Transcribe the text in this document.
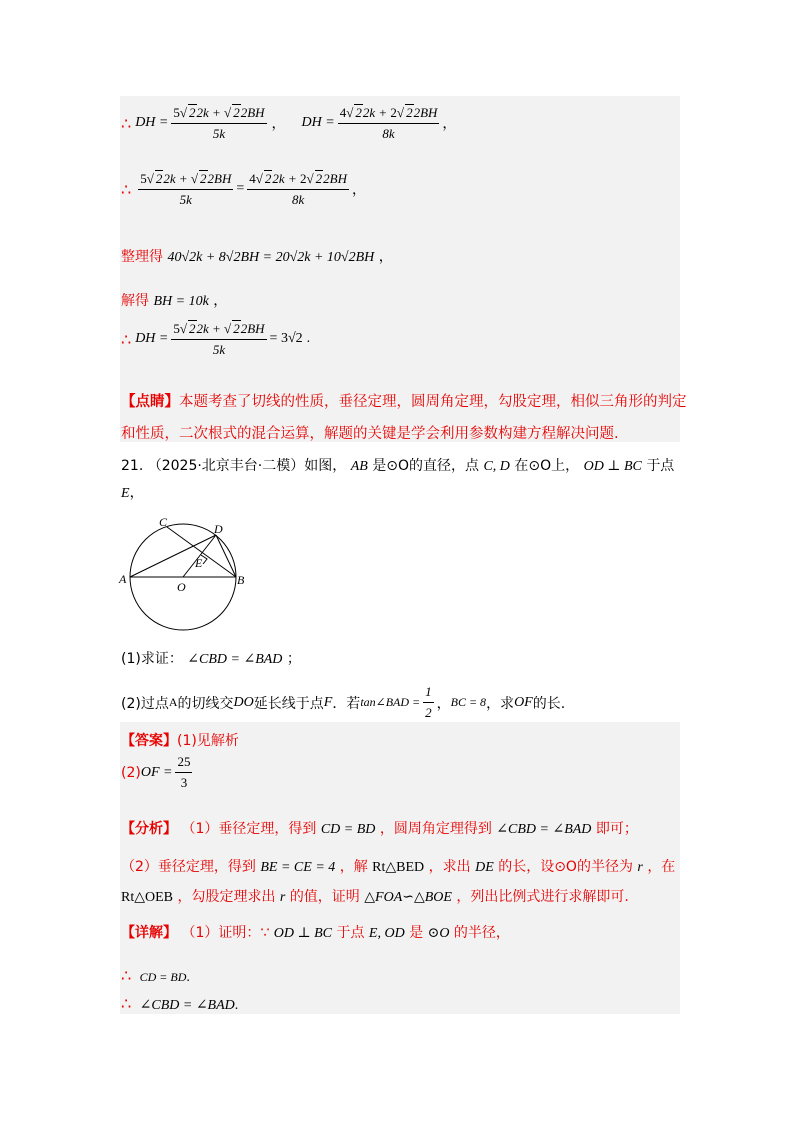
∴ DH = $\frac{5√ 22k + √ 22BH}{5k}$ ， DH = $\frac{4√ 22k + 2√ 22BH}{8k}$ ，
∴ $\frac{5√ 22k + √ 22BH}{5k} = \frac{4√ 22k + 2√ 22BH}{8k}$ ，
整理得 40√2k + 8√2BH = 20√2k + 10√2BH ，
解得 BH = 10k ，
∴ DH = $\frac{5√ 22k + √ 22BH}{5k} = 3√2$ .
【点睛】本题考查了切线的性质，垂径定理，圆周角定理，勾股定理，相似三角形的判定
和性质，二次根式的混合运算，解题的关键是学会利用参数构建方程解决问题.
21. （2025·北京丰台·二模）如图， AB 是⊙O的直径，点 C, D 在⊙O上， OD ⊥ BC 于点
E，
C	D
E
A	B
O
(1)求证： ∠CBD = ∠BAD ；
(2)过点 A 的切线交 DO 延长线于点 F ．若 tan∠BAD = $\frac{1}{2}$ ， BC = 8 ，求 OF 的长.
【答案】(1)见解析
(2) OF = $\frac{25}{3}$
【分析】 （1）垂径定理，得到 CD = BD ，圆周角定理得到 ∠CBD = ∠BAD 即可；
（2）垂径定理，得到 BE = CE = 4 ，解 Rt△BED ，求出 DE 的长，设⊙O的半径为 r ，在
Rt△OEB ，勾股定理求出 r 的值，证明 △FOA∽△BOE ，列出比例式进行求解即可.
【详解】 （1）证明：∵ OD ⊥ BC 于点 E, OD 是 ⊙O 的半径，
∴ CD = BD.
∴ ∠CBD = ∠BAD.
